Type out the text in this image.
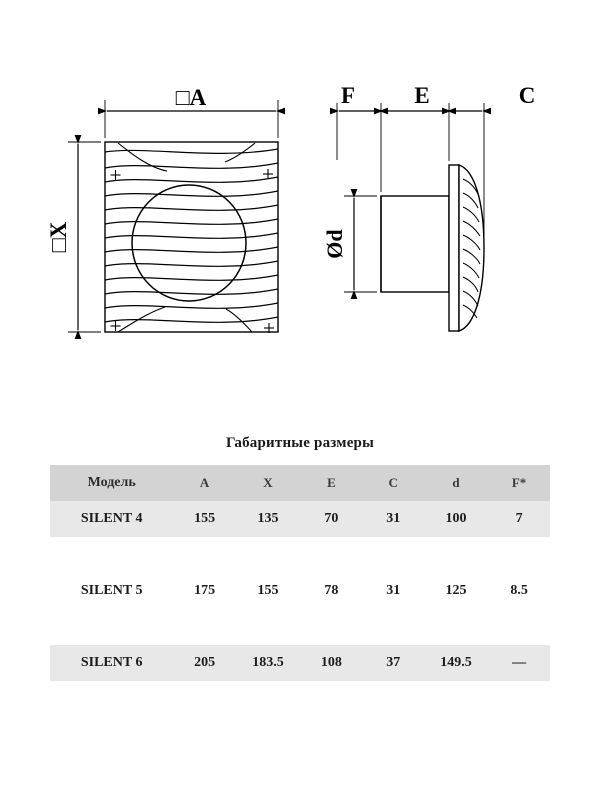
□A
□X	Ød
F	E	C
Габаритные размеры
Модель	A	X	E	C	d	F*
SILENT 4	155	135	70	31	100	7

SILENT 5	175	155	78	31	125	8.5

SILENT 6	205	183.5	108	37	149.5	—
